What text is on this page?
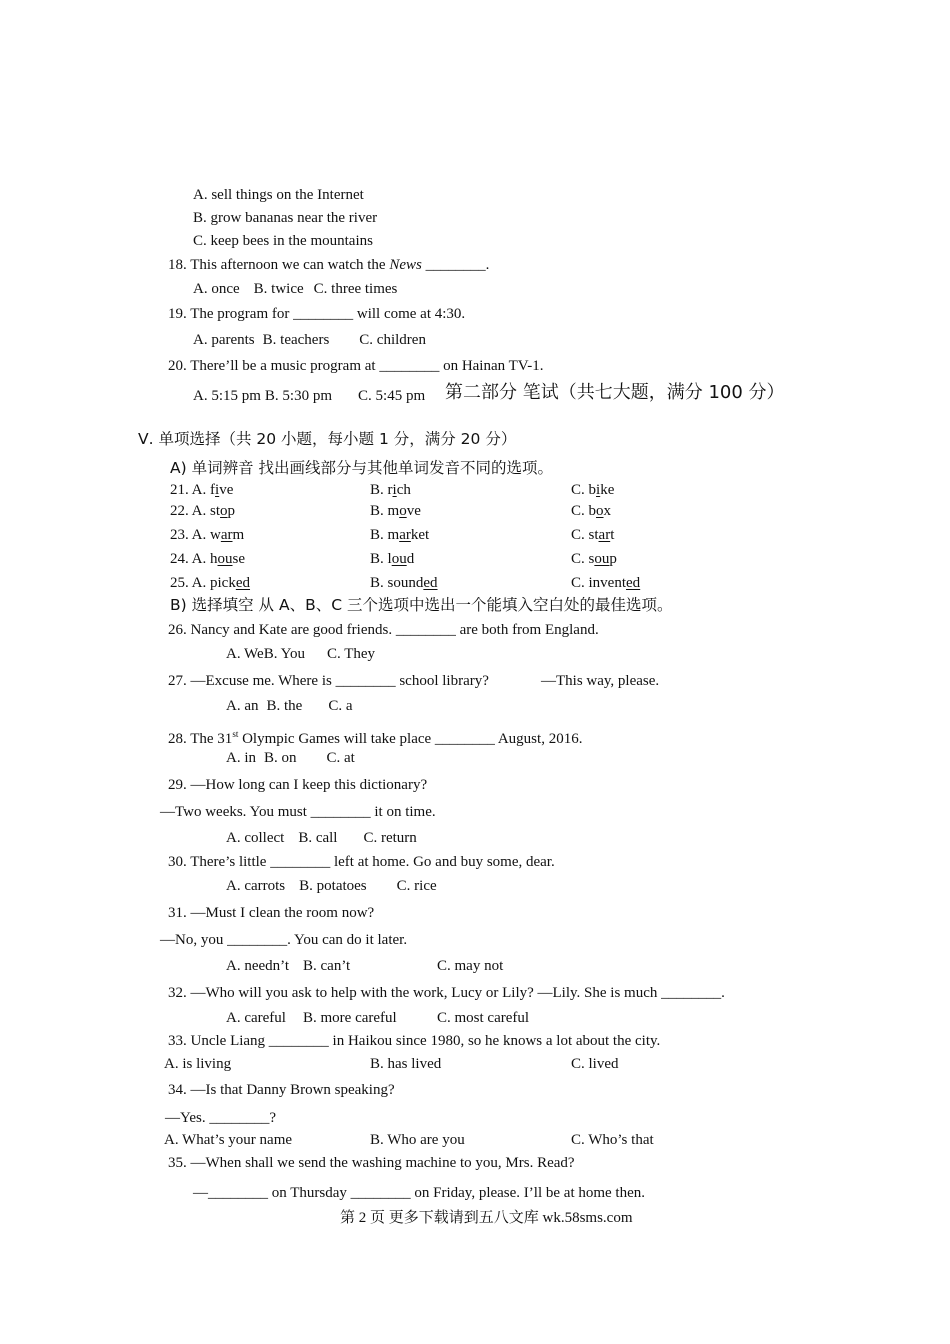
A. sell things on the Internet
B. grow bananas near the river
C. keep bees in the mountains
18. This afternoon we can watch the News ________.
A. once B. twice C. three times
19. The program for ________ will come at 4:30.
A. parents B. teachers C. children
20. There’ll be a music program at ________ on Hainan TV-1.
A. 5:15 pm B. 5:30 pm C. 5:45 pm 第二部分 笔试（共七大题，满分 100 分）
Ⅴ. 单项选择（共 20 小题，每小题 1 分，满分 20 分）
A) 单词辨音 找出画线部分与其他单词发音不同的选项。
21. A. five	B. rich	C. bike
22. A. stop	B. move	C. box
23. A. warm	B. market	C. start
24. A. house	B. loud	C. soup
25. A. picked	B. sounded	C. invented
B) 选择填空 从 A、B、C 三个选项中选出一个能填入空白处的最佳选项。
26. Nancy and Kate are good friends. ________ are both from England.
A. WeB. You C. They
27. —Excuse me. Where is ________ school library?	—This way, please.
A. an B. the C. a
28. The 31st Olympic Games will take place ________ August, 2016.
A. in B. on C. at
29. —How long can I keep this dictionary?
—Two weeks. You must ________ it on time.
A. collect B. call C. return
30. There’s little ________ left at home. Go and buy some, dear.
A. carrots B. potatoes C. rice
31. —Must I clean the room now?
—No, you ________. You can do it later.
A. needn’t B. can’t	C. may not
32. —Who will you ask to help with the work, Lucy or Lily? —Lily. She is much ________.
A. careful B. more careful	C. most careful
33. Uncle Liang ________ in Haikou since 1980, so he knows a lot about the city.
A. is living	B. has lived	C. lived
34. —Is that Danny Brown speaking?
—Yes. ________?
A. What’s your name	B. Who are you	C. Who’s that
35. —When shall we send the washing machine to you, Mrs. Read?
—________ on Thursday ________ on Friday, please. I’ll be at home then.
第 2 页 更多下载请到五八文库 wk.58sms.com
